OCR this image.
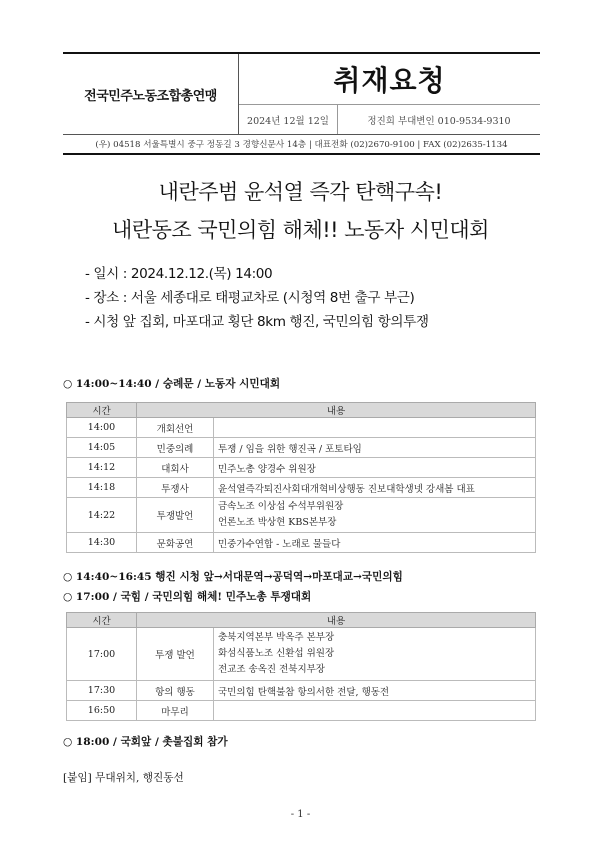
전국민주노동조합총연맹	취재요청
2024년 12월 12일	정진희 부대변인 010-9534-9310
(우) 04518 서울특별시 중구 정동길 3 경향신문사 14층 | 대표전화 (02)2670-9100 | FAX (02)2635-1134
내란주범 윤석열 즉각 탄핵구속!
내란동조 국민의힘 해체!! 노동자 시민대회
- 일시 : 2024.12.12.(목) 14:00
- 장소 : 서울 세종대로 태평교차로 (시청역 8번 출구 부근)
- 시청 앞 집회, 마포대교 횡단 8km 행진, 국민의힘 항의투쟁
○ 14:00~14:40 / 숭례문 / 노동자 시민대회
시간	내용	
14:00	개회선언	
14:05	민중의례	투쟁 / 임을 위한 행진곡 / 포토타임
14:12	대회사	민주노총 양경수 위원장
14:18	투쟁사	윤석열즉각퇴진사회대개혁비상행동 진보대학생넷 강새봄 대표
14:22	투쟁발언	금속노조 이상섭 수석부위원장
언론노조 박상현 KBS본부장

14:30	문화공연	민중가수연합 - 노래로 물들다
○ 14:40~16:45 행진 시청 앞→서대문역→공덕역→마포대교→국민의힘
○ 17:00 / 국힘 / 국민의힘 해체! 민주노총 투쟁대회
시간	내용	
17:00	투쟁 발언	충북지역본부 박옥주 본부장
화섬식품노조 신환섭 위원장
전교조 송옥진 전북지부장

17:30	항의 행동	국민의힘 탄핵불참 항의서한 전달, 행동전
16:50	마무리	
○ 18:00 / 국회앞 / 촛불집회 참가
[붙임] 무대위치, 행진동선
- 1 -
